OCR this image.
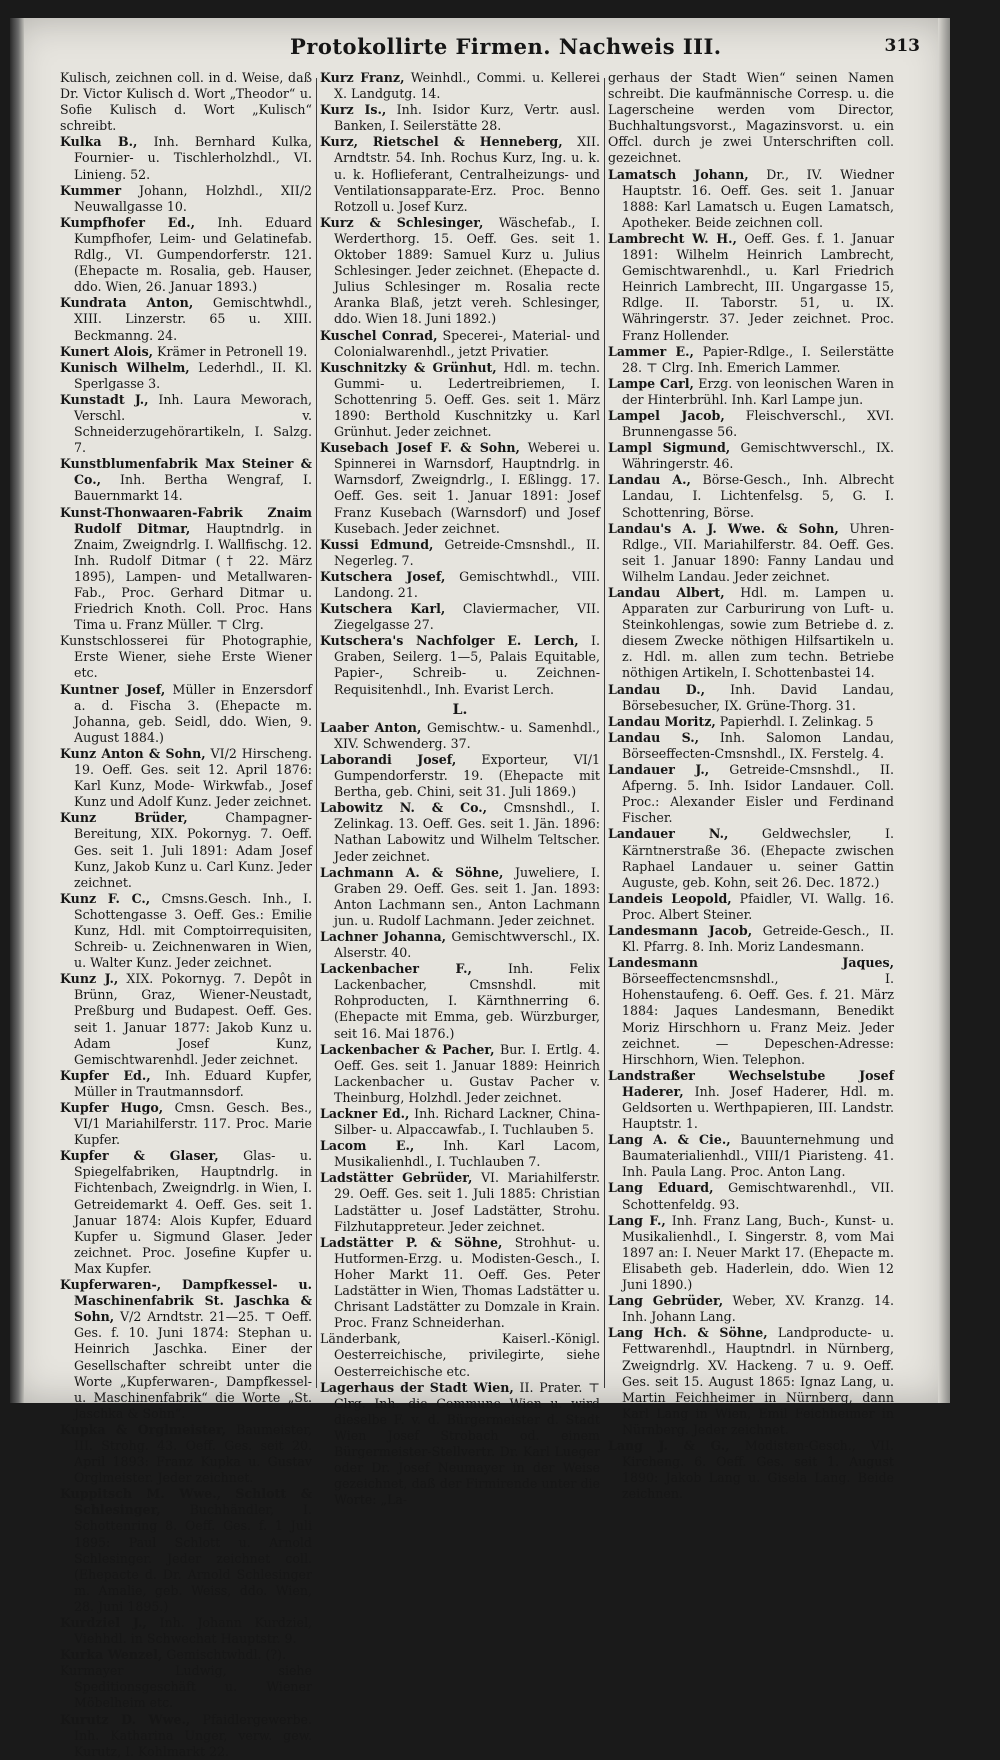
Protokollirte Firmen. Nachweis III.	313

Kulisch, zeichnen coll. in d. Weise, daß Dr. Victor Kulisch d. Wort „Theodor“ u. Sofie Kulisch d. Wort „Kulisch“ schreibt.

Kulka B., Inh. Bernhard Kulka, Fournier- u. Tischlerholzhdl., VI. Linieng. 52.

Kummer Johann, Holzhdl., XII/2 Neuwallgasse 10.

Kumpfhofer Ed., Inh. Eduard Kumpfhofer, Leim- und Gelatinefab. Rdlg., VI. Gumpendorferstr. 121. (Ehepacte m. Rosalia, geb. Hauser, ddo. Wien, 26. Januar 1893.)

Kundrata Anton, Gemischtwhdl., XIII. Linzerstr. 65 u. XIII. Beckmanng. 24.

Kunert Alois, Krämer in Petronell 19.

Kunisch Wilhelm, Lederhdl., II. Kl. Sperlgasse 3.

Kunstadt J., Inh. Laura Meworach, Verschl. v. Schneiderzugehörartikeln, I. Salzg. 7.

Kunstblumenfabrik Max Steiner & Co., Inh. Bertha Wengraf, I. Bauernmarkt 14.

Kunst-Thonwaaren-Fabrik Znaim Rudolf Ditmar, Hauptndrlg. in Znaim, Zweigndrlg. I. Wallfischg. 12. Inh. Rudolf Ditmar († 22. März 1895), Lampen- und Metallwaren-Fab., Proc. Gerhard Ditmar u. Friedrich Knoth. Coll. Proc. Hans Tima u. Franz Müller. ⊤ Clrg.

Kunstschlosserei für Photographie, Erste Wiener, siehe Erste Wiener etc.

Kuntner Josef, Müller in Enzersdorf a. d. Fischa 3. (Ehepacte m. Johanna, geb. Seidl, ddo. Wien, 9. August 1884.)

Kunz Anton & Sohn, VI/2 Hirscheng. 19. Oeff. Ges. seit 12. April 1876: Karl Kunz, Mode- Wirkwfab., Josef Kunz und Adolf Kunz. Jeder zeichnet.

Kunz Brüder, Champagner-Bereitung, XIX. Pokornyg. 7. Oeff. Ges. seit 1. Juli 1891: Adam Josef Kunz, Jakob Kunz u. Carl Kunz. Jeder zeichnet.

Kunz F. C., Cmsns.Gesch. Inh., I. Schottengasse 3. Oeff. Ges.: Emilie Kunz, Hdl. mit Comptoirrequisiten, Schreib- u. Zeichnenwaren in Wien, u. Walter Kunz. Jeder zeichnet.

Kunz J., XIX. Pokornyg. 7. Depôt in Brünn, Graz, Wiener-Neustadt, Preßburg und Budapest. Oeff. Ges. seit 1. Januar 1877: Jakob Kunz u. Adam Josef Kunz, Gemischtwarenhdl. Jeder zeichnet.

Kupfer Ed., Inh. Eduard Kupfer, Müller in Trautmannsdorf.

Kupfer Hugo, Cmsn. Gesch. Bes., VI/1 Mariahilferstr. 117. Proc. Marie Kupfer.

Kupfer & Glaser, Glas- u. Spiegelfabriken, Hauptndrlg. in Fichtenbach, Zweigndrlg. in Wien, I. Getreidemarkt 4. Oeff. Ges. seit 1. Januar 1874: Alois Kupfer, Eduard Kupfer u. Sigmund Glaser. Jeder zeichnet. Proc. Josefine Kupfer u. Max Kupfer.

Kupferwaren-, Dampfkessel- u. Maschinenfabrik St. Jaschka & Sohn, V/2 Arndtstr. 21—25. ⊤ Oeff. Ges. f. 10. Juni 1874: Stephan u. Heinrich Jaschka. Einer der Gesellschafter schreibt unter die Worte „Kupferwaren-, Dampfkessel- u. Maschinenfabrik“ die Worte „St. Jaschka & Sohn“.

Kupka & Orglmeister, Baumeister, III. Strohg. 43. Oeff. Ges. seit 20. April 1893: Franz Kupka u. Gustav Orglmeister. Jeder zeichnet.

Kuppitsch M. Wwe., Schlott & Schlesinger, Buchhändler, I. Schottenring 8. Oeff. Ges. f. 1 Juli 1895: Paul Schlott u. Arnold Schlesinger. Jeder zeichnet coll. (Ehepacte d. Dr. Arnold Schlesinger m. Amalie, geb. Weiss, ddo. Wien, 28. Juni 1895.)

Kurdziel J., Inh. Johann Kurdziel, Viehhdl. in Schwechat Hauptstr. 9.

Kurka Wenzel, Gemischtwhdl. (?).

Kurmayer Ludwig, siehe Speditionsgeschäft u. Wiener Möbelheim etc.

Kurutz D. Wwe., Pfaidlergewerbe. Inh. Katharina Unger, verw. gew. Kurutz, I. Kohlmarkt 22.

Kurz Franz, Weinhdl., Commi. u. Kellerei X. Landgutg. 14.

Kurz Is., Inh. Isidor Kurz, Vertr. ausl. Banken, I. Seilerstätte 28.

Kurz, Rietschel & Henneberg, XII. Arndtstr. 54. Inh. Rochus Kurz, Ing. u. k. u. k. Hoflieferant, Centralheizungs- und Ventilationsapparate-Erz. Proc. Benno Rotzoll u. Josef Kurz.

Kurz & Schlesinger, Wäschefab., I. Werderthorg. 15. Oeff. Ges. seit 1. Oktober 1889: Samuel Kurz u. Julius Schlesinger. Jeder zeichnet. (Ehepacte d. Julius Schlesinger m. Rosalia recte Aranka Blaß, jetzt vereh. Schlesinger, ddo. Wien 18. Juni 1892.)

Kuschel Conrad, Specerei-, Material- und Colonialwarenhdl., jetzt Privatier.

Kuschnitzky & Grünhut, Hdl. m. techn. Gummi- u. Ledertreibriemen, I. Schottenring 5. Oeff. Ges. seit 1. März 1890: Berthold Kuschnitzky u. Karl Grünhut. Jeder zeichnet.

Kusebach Josef F. & Sohn, Weberei u. Spinnerei in Warnsdorf, Hauptndrlg. in Warnsdorf, Zweigndrlg., I. Eßlingg. 17. Oeff. Ges. seit 1. Januar 1891: Josef Franz Kusebach (Warnsdorf) und Josef Kusebach. Jeder zeichnet.

Kussi Edmund, Getreide-Cmsnshdl., II. Negerleg. 7.

Kutschera Josef, Gemischtwhdl., VIII. Landong. 21.

Kutschera Karl, Claviermacher, VII. Ziegelgasse 27.

Kutschera's Nachfolger E. Lerch, I. Graben, Seilerg. 1—5, Palais Equitable, Papier-, Schreib- u. Zeichnen-Requisitenhdl., Inh. Evarist Lerch.

L.

Laaber Anton, Gemischtw.- u. Samenhdl., XIV. Schwenderg. 37.

Laborandi Josef, Exporteur, VI/1 Gumpendorferstr. 19. (Ehepacte mit Bertha, geb. Chini, seit 31. Juli 1869.)

Labowitz N. & Co., Cmsnshdl., I. Zelinkag. 13. Oeff. Ges. seit 1. Jän. 1896: Nathan Labowitz und Wilhelm Teltscher. Jeder zeichnet.

Lachmann A. & Söhne, Juweliere, I. Graben 29. Oeff. Ges. seit 1. Jan. 1893: Anton Lachmann sen., Anton Lachmann jun. u. Rudolf Lachmann. Jeder zeichnet.

Lachner Johanna, Gemischtwverschl., IX. Alserstr. 40.

Lackenbacher F., Inh. Felix Lackenbacher, Cmsnshdl. mit Rohproducten, I. Kärnthnerring 6. (Ehepacte mit Emma, geb. Würzburger, seit 16. Mai 1876.)

Lackenbacher & Pacher, Bur. I. Ertlg. 4. Oeff. Ges. seit 1. Januar 1889: Heinrich Lackenbacher u. Gustav Pacher v. Theinburg, Holzhdl. Jeder zeichnet.

Lackner Ed., Inh. Richard Lackner, China-Silber- u. Alpaccawfab., I. Tuchlauben 5.

Lacom E., Inh. Karl Lacom, Musikalienhdl., I. Tuchlauben 7.

Ladstätter Gebrüder, VI. Mariahilferstr. 29. Oeff. Ges. seit 1. Juli 1885: Christian Ladstätter u. Josef Ladstätter, Strohu. Filzhutappreteur. Jeder zeichnet.

Ladstätter P. & Söhne, Strohhut- u. Hutformen-Erzg. u. Modisten-Gesch., I. Hoher Markt 11. Oeff. Ges. Peter Ladstätter in Wien, Thomas Ladstätter u. Chrisant Ladstätter zu Domzale in Krain. Proc. Franz Schneiderhan.

Länderbank, Kaiserl.-Königl. Oesterreichische, privilegirte, siehe Oesterreichische etc.

Lagerhaus der Stadt Wien, II. Prater. ⊤ Clrg. Inh. die Commune Wien u. wird dieselbe F. v. d. Bürgermeister d. Stadt Wien Josef Strobach od. einem Bürgermeister-Stellvertr. Dr. Karl Lueger oder Dr. Josef Neumayer in der Weise gezeichnet, daß der Firmirende unter die Worte: „La-

gerhaus der Stadt Wien“ seinen Namen schreibt. Die kaufmännische Corresp. u. die Lagerscheine werden vom Director, Buchhaltungsvorst., Magazinsvorst. u. ein Offcl. durch je zwei Unterschriften coll. gezeichnet.

Lamatsch Johann, Dr., IV. Wiedner Hauptstr. 16. Oeff. Ges. seit 1. Januar 1888: Karl Lamatsch u. Eugen Lamatsch, Apotheker. Beide zeichnen coll.

Lambrecht W. H., Oeff. Ges. f. 1. Januar 1891: Wilhelm Heinrich Lambrecht, Gemischtwarenhdl., u. Karl Friedrich Heinrich Lambrecht, III. Ungargasse 15, Rdlge. II. Taborstr. 51, u. IX. Währingerstr. 37. Jeder zeichnet. Proc. Franz Hollender.

Lammer E., Papier-Rdlge., I. Seilerstätte 28. ⊤ Clrg. Inh. Emerich Lammer.

Lampe Carl, Erzg. von leonischen Waren in der Hinterbrühl. Inh. Karl Lampe jun.

Lampel Jacob, Fleischverschl., XVI. Brunnengasse 56.

Lampl Sigmund, Gemischtwverschl., IX. Währingerstr. 46.

Landau A., Börse-Gesch., Inh. Albrecht Landau, I. Lichtenfelsg. 5, G. I. Schottenring, Börse.

Landau's A. J. Wwe. & Sohn, Uhren-Rdlge., VII. Mariahilferstr. 84. Oeff. Ges. seit 1. Januar 1890: Fanny Landau und Wilhelm Landau. Jeder zeichnet.

Landau Albert, Hdl. m. Lampen u. Apparaten zur Carburirung von Luft- u. Steinkohlengas, sowie zum Betriebe d. z. diesem Zwecke nöthigen Hilfsartikeln u. z. Hdl. m. allen zum techn. Betriebe nöthigen Artikeln, I. Schottenbastei 14.

Landau D., Inh. David Landau, Börsebesucher, IX. Grüne-Thorg. 31.

Landau Moritz, Papierhdl. I. Zelinkag. 5

Landau S., Inh. Salomon Landau, Börseeffecten-Cmsnshdl., IX. Ferstelg. 4.

Landauer J., Getreide-Cmsnshdl., II. Afperng. 5. Inh. Isidor Landauer. Coll. Proc.: Alexander Eisler und Ferdinand Fischer.

Landauer N., Geldwechsler, I. Kärntnerstraße 36. (Ehepacte zwischen Raphael Landauer u. seiner Gattin Auguste, geb. Kohn, seit 26. Dec. 1872.)

Landeis Leopold, Pfaidler, VI. Wallg. 16. Proc. Albert Steiner.

Landesmann Jacob, Getreide-Gesch., II. Kl. Pfarrg. 8. Inh. Moriz Landesmann.

Landesmann Jaques, Börseeffectencmsnshdl., I. Hohenstaufeng. 6. Oeff. Ges. f. 21. März 1884: Jaques Landesmann, Benedikt Moriz Hirschhorn u. Franz Meiz. Jeder zeichnet. — Depeschen-Adresse: Hirschhorn, Wien. Telephon.

Landstraßer Wechselstube Josef Haderer, Inh. Josef Haderer, Hdl. m. Geldsorten u. Werthpapieren, III. Landstr. Hauptstr. 1.

Lang A. & Cie., Bauunternehmung und Baumaterialienhdl., VIII/1 Piaristeng. 41. Inh. Paula Lang. Proc. Anton Lang.

Lang Eduard, Gemischtwarenhdl., VII. Schottenfeldg. 93.

Lang F., Inh. Franz Lang, Buch-, Kunst- u. Musikalienhdl., I. Singerstr. 8, vom Mai 1897 an: I. Neuer Markt 17. (Ehepacte m. Elisabeth geb. Haderlein, ddo. Wien 12 Juni 1890.)

Lang Gebrüder, Weber, XV. Kranzg. 14. Inh. Johann Lang.

Lang Hch. & Söhne, Landproducte- u. Fettwarenhdl., Hauptndrl. in Nürnberg, Zweigndrlg. XV. Hackeng. 7 u. 9. Oeff. Ges. seit 15. August 1865: Ignaz Lang, u. Martin Feichheimer in Nürnberg, dann Karl Lang in Wien, Emil Feichheimer in Nürnberg. Jeder zeichnet.

Lang J. & G., Modisten-Gesch., VII. Kircheng. 6. Oeff. Ges. seit 1. August 1890: Jakob Lang u. Gisela Lang. Beide zeichnen.
